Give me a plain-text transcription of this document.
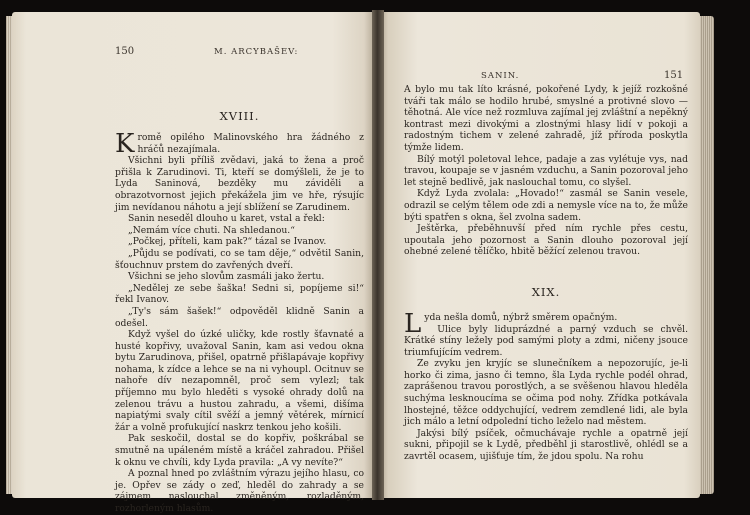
150	M. ARCYBAŠEV:
XVIII.
K romě opilého Malinovského hra žádného z hráčů nezajímala.

Všichni byli příliš zvědavi, jaká to žena a proč přišla k Zarudinovi. Ti, kteří se domýšleli, že je to Lyda Saninová, bezděky mu záviděli a obrazotvornost jejich překážela jim ve hře, rýsujíc jim nevídanou náhotu a její sblížení se Zarudinem.

Sanin neseděl dlouho u karet, vstal a řekl:

„Nemám více chuti. Na shledanou.“

„Počkej, příteli, kam pak?“ tázal se Ivanov.

„Půjdu se podívati, co se tam děje,“ odvětil Sanin, šťouchnuv prstem do zavřených dveří.

Všichni se jeho slovům zasmáli jako žertu.

„Nedělej ze sebe šaška! Sedni si, popíjeme si!“ řekl Ivanov.

„Ty's sám šašek!“ odpověděl klidně Sanin a odešel.

Když vyšel do úzké uličky, kde rostly šťavnaté a husté kopřivy, uvažoval Sanin, kam asi vedou okna bytu Zarudinova, přišel, opatrně přišlapávaje kopřivy nohama, k zídce a lehce se na ni vyhoupl. Ocitnuv se nahoře dív nezapomněl, proč sem vylezl; tak příjemno mu bylo hleděti s vysoké ohrady dolů na zelenou trávu a hustou zahradu, a všemi, dišíma napiatými svaly cítil svěží a jemný větérek, mírnicí žár a volně profukující naskrz tenkou jeho košili.

Pak seskočil, dostal se do kopřiv, poškrábal se smutně na upáleném místě a kráčel zahradou. Přišel k oknu ve chvíli, kdy Lyda pravila: „A vy nevíte?“

A poznal hned po zvláštním výrazu jejího hlasu, co je. Opřev se zády o zeď, hleděl do zahrady a se zájmem naslouchal změněným, rozladěným, rozhorleným hlasům.

SANIN.	151

A bylo mu tak líto krásné, pokořené Lydy, k jejíž rozkošné tváři tak málo se hodilo hrubé, smyslné a protivné slovo — těhotná. Ale více než rozmluva zajímal jej zvláštní a nepěkný kontrast mezi divokými a zlostnými hlasy lidí v pokoji a radostným tichem v zelené zahradě, jíž příroda poskytla týmže lidem.

Bílý motýl poletoval lehce, padaje a zas vylétuje vys, nad travou, koupaje se v jasném vzduchu, a Sanin pozoroval jeho let stejně bedlivě, jak naslouchal tomu, co slyšel.

Když Lyda zvolala: „Hovado!“ zasmál se Sanin vesele, odrazil se celým tělem ode zdi a nemysle více na to, že může býti spatřen s okna, šel zvolna sadem.

Ještěrka, přeběhnuvší před ním rychle přes cestu, upoutala jeho pozornost a Sanin dlouho pozoroval její ohebné zelené tělíčko, hbitě běžící zelenou travou.

XIX.
L yda nešla domů, nýbrž směrem opačným.

Ulice byly liduprázdné a parný vzduch se chvěl. Krátké stíny ležely pod samými ploty a zdmi, ničeny jsouce triumfujícím vedrem.

Ze zvyku jen kryjíc se slunečníkem a nepozorujíc, je-li horko či zima, jasno či temno, šla Lyda rychle podél ohrad, zaprášenou travou porostlých, a se svěšenou hlavou hleděla suchýma lesknoucíma se očima pod nohy. Zřídka potkávala lhostejné, těžce oddychující, vedrem zemdlené lidi, ale byla jich málo a letní odpolední ticho leželo nad městem.

Jakýsi bílý psíček, očmuchávaje rychle a opatrně její sukni, připojil se k Lydě, předběhl ji starostlivě, ohlédl se a zavrtěl ocasem, ujišťuje tím, že jdou spolu. Na rohu
